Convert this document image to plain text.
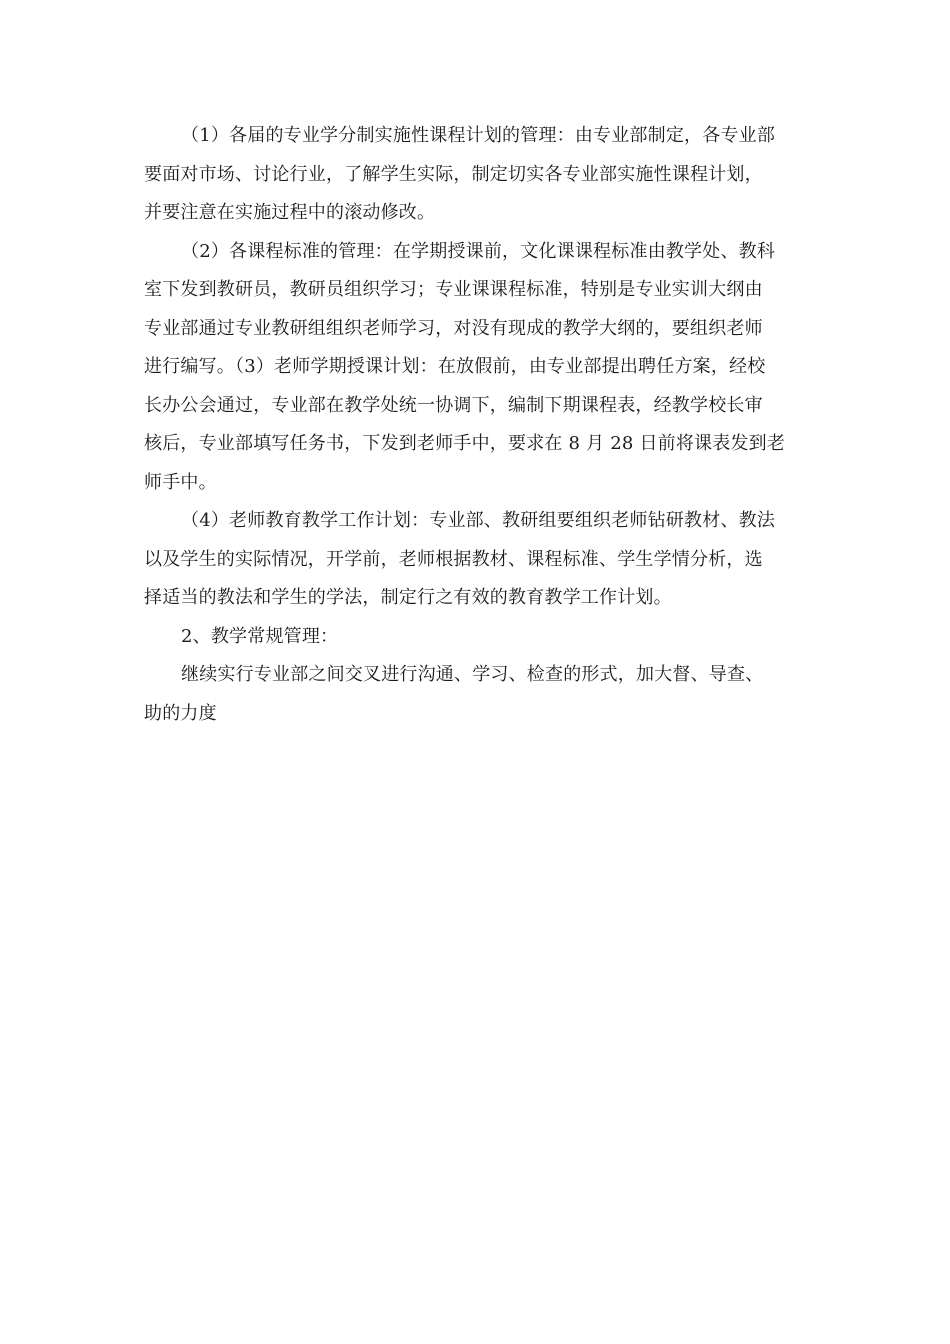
（1）各届的专业学分制实施性课程计划的管理：由专业部制定，各专业部
要面对市场、讨论行业，了解学生实际，制定切实各专业部实施性课程计划，
并要注意在实施过程中的滚动修改。
（2）各课程标准的管理：在学期授课前，文化课课程标准由教学处、教科
室下发到教研员，教研员组织学习；专业课课程标准，特别是专业实训大纲由
专业部通过专业教研组组织老师学习，对没有现成的教学大纲的，要组织老师
进行编写。（3）老师学期授课计划：在放假前，由专业部提出聘任方案，经校
长办公会通过，专业部在教学处统一协调下，编制下期课程表，经教学校长审
核后，专业部填写任务书，下发到老师手中，要求在 8 月 28 日前将课表发到老
师手中。
（4）老师教育教学工作计划：专业部、教研组要组织老师钻研教材、教法
以及学生的实际情况，开学前，老师根据教材、课程标准、学生学情分析，选
择适当的教法和学生的学法，制定行之有效的教育教学工作计划。
2、教学常规管理：
继续实行专业部之间交叉进行沟通、学习、检查的形式，加大督、导查、
助的力度
